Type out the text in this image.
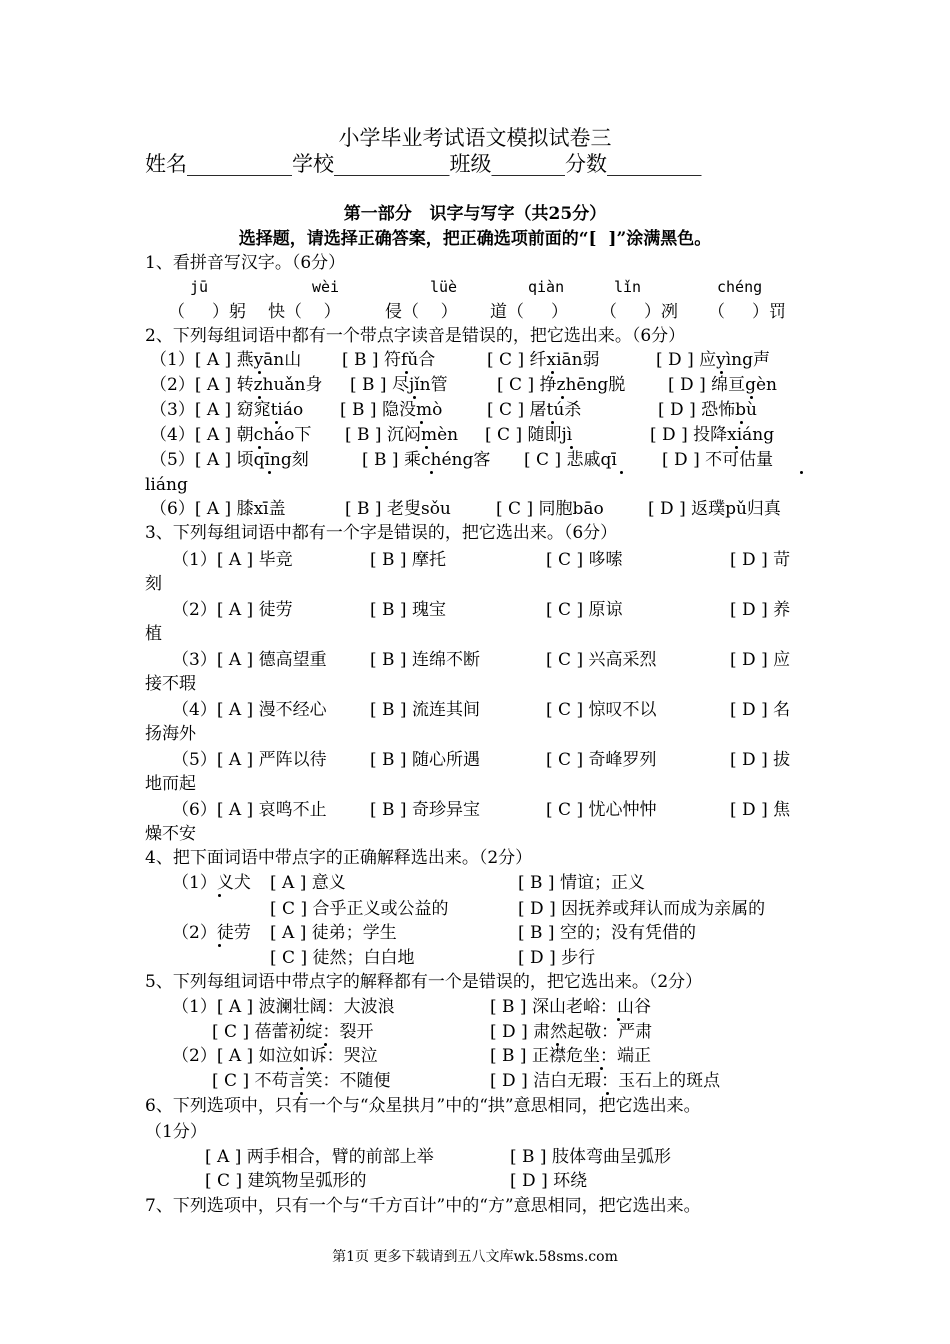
小学毕业考试语文模拟试卷三
姓名__________学校___________班级_______分数_________
第一部分   识字与写字（共25分）
选择题，请选择正确答案，把正确选项前面的“[  ]”涂满黑色。
1、看拼音写汉字。（6分）
jū	wèi	lüè	qiàn	lǐn	chéng
（     ）躬 快（    ）	侵（    ） 道（     ） （     ）冽 （     ）罚
2、下列每组词语中都有一个带点字读音是错误的，把它选出来。（6分）
（1）[ A ] 燕yān山 [ B ] 符fǔ合	[ C ] 纤xiān弱	[ D ] 应yìng声
（2）[ A ] 转zhuǎn身 [ B ] 尽jǐn管	[ C ] 挣zhēng脱	[ D ] 绵亘gèn
（3）[ A ] 窈窕tiáo [ B ] 隐没mò	[ C ] 屠tú杀	[ D ] 恐怖bù
（4）[ A ] 朝cháo下 [ B ] 沉闷mèn [ C ] 随即jì	[ D ] 投降xiáng
（5）[ A ] 顷qīng刻	[ B ] 乘chéng客 [ C ] 悲戚qī	[ D ] 不可估量
liáng
（6）[ A ] 膝xī盖	[ B ] 老叟sǒu	[ C ] 同胞bāo	[ D ] 返璞pǔ归真
3、下列每组词语中都有一个字是错误的，把它选出来。（6分）
（1）[ A ] 毕竞	[ B ] 摩托	[ C ] 哆嗦	[ D ] 苛
刻
（2）[ A ] 徒劳	[ B ] 瑰宝	[ C ] 原谅	[ D ] 养
植
（3）[ A ] 德高望重	[ B ] 连绵不断	[ C ] 兴高采烈	[ D ] 应
接不瑕
（4）[ A ] 漫不经心	[ B ] 流连其间	[ C ] 惊叹不以	[ D ] 名
扬海外
（5）[ A ] 严阵以待	[ B ] 随心所遇	[ C ] 奇峰罗列	[ D ] 拔
地而起
（6）[ A ] 哀鸣不止	[ B ] 奇珍异宝	[ C ] 忧心忡忡	[ D ] 焦
燥不安
4、把下面词语中带点字的正确解释选出来。（2分）
（1）义犬 [ A ] 意义	[ B ] 情谊；正义
[ C ] 合乎正义或公益的	[ D ] 因抚养或拜认而成为亲属的
（2）徒劳 [ A ] 徒弟；学生	[ B ] 空的；没有凭借的
[ C ] 徒然；白白地	[ D ] 步行
5、下列每组词语中带点字的解释都有一个是错误的，把它选出来。（2分）
（1）[ A ] 波澜壮阔：大波浪	[ B ] 深山老峪：山谷
[ C ] 蓓蕾初绽：裂开	[ D ] 肃然起敬：严肃
（2）[ A ] 如泣如诉：哭泣	[ B ] 正襟危坐：端正
[ C ] 不苟言笑：不随便	[ D ] 洁白无瑕：玉石上的斑点
6、下列选项中，只有一个与“众星拱月”中的“拱”意思相同，把它选出来。
（1分）
[ A ] 两手相合，臂的前部上举	[ B ] 肢体弯曲呈弧形
[ C ] 建筑物呈弧形的	[ D ] 环绕
7、下列选项中，只有一个与“千方百计”中的“方”意思相同，把它选出来。
第1页 更多下载请到五八文库wk.58sms.com
